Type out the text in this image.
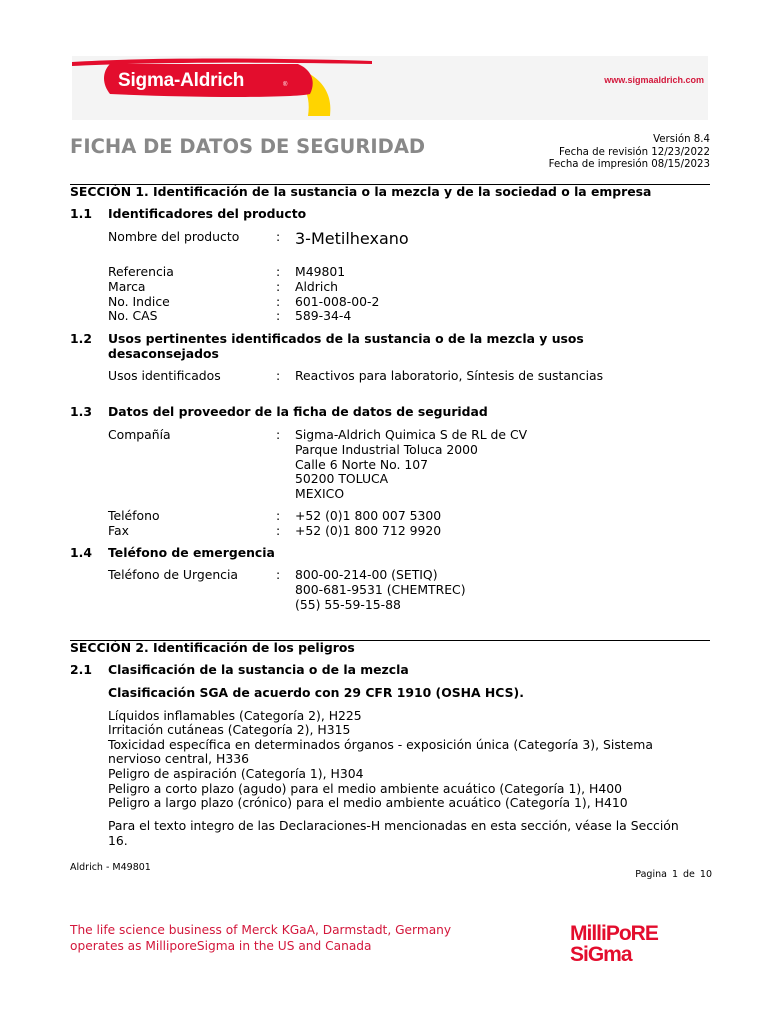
Sigma-Aldrich	®	www.sigmaaldrich.com
FICHA DE DATOS DE SEGURIDAD	Versión 8.4
Fecha de revisión 12/23/2022
Fecha de impresión 08/15/2023
SECCIÓN 1. Identificación de la sustancia o la mezcla y de la sociedad o la empresa
1.1 Identificadores del producto
Nombre del producto	: 3-Metilhexano
Referencia	: M49801
Marca	: Aldrich
No. Indice	: 601-008-00-2
No. CAS	: 589-34-4
1.2 Usos pertinentes identificados de la sustancia o de la mezcla y usos
desaconsejados
Usos identificados	: Reactivos para laboratorio, Síntesis de sustancias
1.3 Datos del proveedor de la ficha de datos de seguridad
Compañía	: Sigma-Aldrich Quimica S de RL de CV
Parque Industrial Toluca 2000
Calle 6 Norte No. 107
50200 TOLUCA
MEXICO
Teléfono	: +52 (0)1 800 007 5300
Fax	: +52 (0)1 800 712 9920
1.4 Teléfono de emergencia
Teléfono de Urgencia	: 800-00-214-00 (SETIQ)
800-681-9531 (CHEMTREC)
(55) 55-59-15-88
SECCIÓN 2. Identificación de los peligros
2.1 Clasificación de la sustancia o de la mezcla
Clasificación SGA de acuerdo con 29 CFR 1910 (OSHA HCS).
Líquidos inflamables (Categoría 2), H225
Irritación cutáneas (Categoría 2), H315
Toxicidad específica en determinados órganos - exposición única (Categoría 3), Sistema
nervioso central, H336
Peligro de aspiración (Categoría 1), H304
Peligro a corto plazo (agudo) para el medio ambiente acuático (Categoría 1), H400
Peligro a largo plazo (crónico) para el medio ambiente acuático (Categoría 1), H410
Para el texto integro de las Declaraciones-H mencionadas en esta sección, véase la Sección
16.
Aldrich - M49801
Pagina 1 de 10
The life science business of Merck KGaA, Darmstadt, Germany
operates as MilliporeSigma in the US and Canada
MilliPoRE
SiGma
